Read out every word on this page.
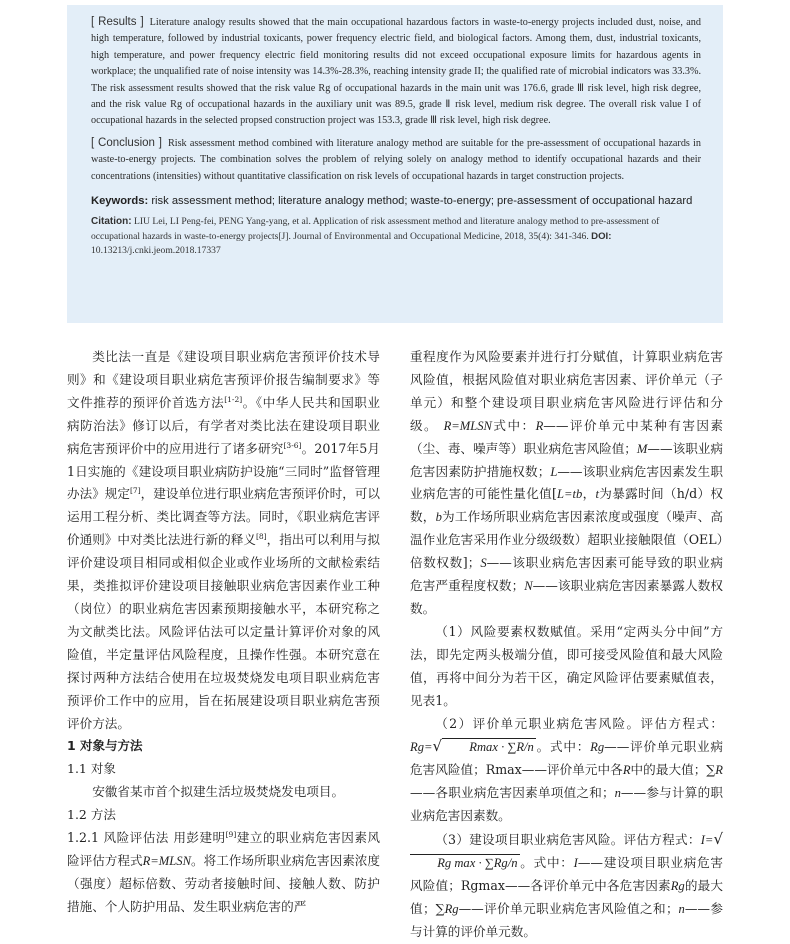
[ Results ] Literature analogy results showed that the main occupational hazardous factors in waste-to-energy projects included dust, noise, and high temperature, followed by industrial toxicants, power frequency electric field, and biological factors. Among them, dust, industrial toxicants, high temperature, and power frequency electric field monitoring results did not exceed occupational exposure limits for hazardous agents in workplace; the unqualified rate of noise intensity was 14.3%-28.3%, reaching intensity grade II; the qualified rate of microbial indicators was 33.3%. The risk assessment results showed that the risk value Rg of occupational hazards in the main unit was 176.6, grade Ⅲ risk level, high risk degree, and the risk value Rg of occupational hazards in the auxiliary unit was 89.5, grade Ⅱ risk level, medium risk degree. The overall risk value I of occupational hazards in the selected propsed construction project was 153.3, grade Ⅲ risk level, high risk degree.

[ Conclusion ] Risk assessment method combined with literature analogy method are suitable for the pre-assessment of occupational hazards in waste-to-energy projects. The combination solves the problem of relying solely on analogy method to identify occupational hazards and their concentrations (intensities) without quantitative classification on risk levels of occupational hazards in target construction projects.

Keywords: risk assessment method; literature analogy method; waste-to-energy; pre-assessment of occupational hazard

Citation: LIU Lei, LI Peng-fei, PENG Yang-yang, et al. Application of risk assessment method and literature analogy method to pre-assessment of occupational hazards in waste-to-energy projects[J]. Journal of Environmental and Occupational Medicine, 2018, 35(4): 341-346. DOI: 10.13213/j.cnki.jeom.2018.17337

类比法一直是《建设项目职业病危害预评价技术导则》和《建设项目职业病危害预评价报告编制要求》等文件推荐的预评价首选方法[1-2]。《中华人民共和国职业病防治法》修订以后，有学者对类比法在建设项目职业病危害预评价中的应用进行了诸多研究[3-6]。2017年5月1日实施的《建设项目职业病防护设施“三同时”监督管理办法》规定[7]，建设单位进行职业病危害预评价时，可以运用工程分析、类比调查等方法。同时，《职业病危害评价通则》中对类比法进行新的释义[8]，指出可以利用与拟评价建设项目相同或相似企业或作业场所的文献检索结果，类推拟评价建设项目接触职业病危害因素作业工种（岗位）的职业病危害因素预期接触水平，本研究称之为文献类比法。风险评估法可以定量计算评价对象的风险值，半定量评估风险程度，且操作性强。本研究意在探讨两种方法结合使用在垃圾焚烧发电项目职业病危害预评价工作中的应用，旨在拓展建设项目职业病危害预评价方法。

1 对象与方法

1.1 对象

安徽省某市首个拟建生活垃圾焚烧发电项目。

1.2 方法

1.2.1 风险评估法 用彭建明[9]建立的职业病危害因素风险评估方程式R=MLSN。将工作场所职业病危害因素浓度（强度）超标倍数、劳动者接触时间、接触人数、防护措施、个人防护用品、发生职业病危害的严

重程度作为风险要素并进行打分赋值，计算职业病危害风险值，根据风险值对职业病危害因素、评价单元（子单元）和整个建设项目职业病危害风险进行评估和分级。 R=MLSN式中：R——评价单元中某种有害因素（尘、毒、噪声等）职业病危害风险值；M——该职业病危害因素防护措施权数；L——该职业病危害因素发生职业病危害的可能性量化值[L=tb，t为暴露时间（h/d）权数，b为工作场所职业病危害因素浓度或强度（噪声、高温作业危害采用作业分级级数）超职业接触限值（OEL）倍数权数]；S——该职业病危害因素可能导致的职业病危害严重程度权数；N——该职业病危害因素暴露人数权数。

（1）风险要素权数赋值。采用“定两头分中间”方法，即先定两头极端分值，即可接受风险值和最大风险值，再将中间分为若干区，确定风险评估要素赋值表，见表1。

（2）评价单元职业病危害风险。评估方程式：Rg=√ Rmax · ∑R/n 。式中：Rg——评价单元职业病危害风险值；Rmax——评价单元中各R中的最大值；∑R——各职业病危害因素单项值之和；n——参与计算的职业病危害因素数。

（3）建设项目职业病危害风险。评估方程式：I=√Rg max · ∑Rg/n 。式中：I——建设项目职业病危害风险值；Rgmax——各评价单元中各危害因素Rg的最大值；∑Rg——评价单元职业病危害风险值之和；n——参与计算的评价单元数。
